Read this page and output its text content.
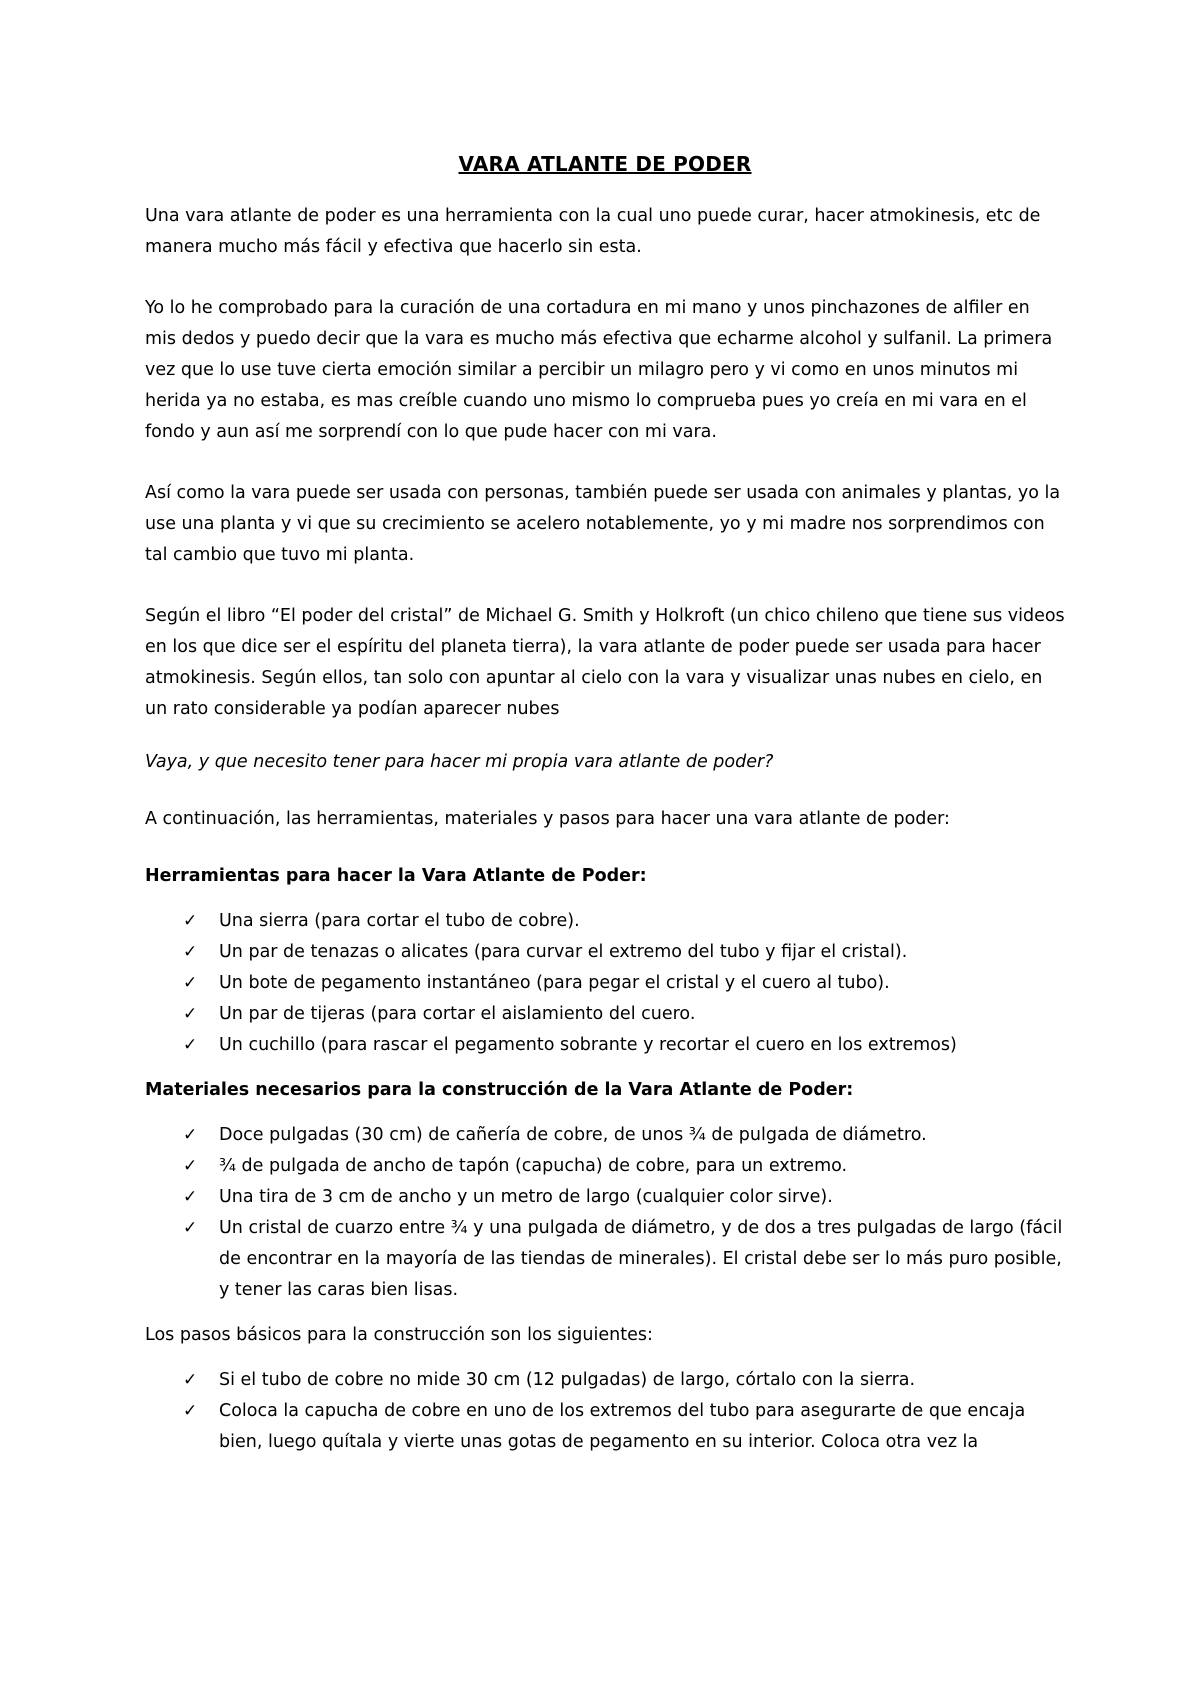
VARA ATLANTE DE PODER

Una vara atlante de poder es una herramienta con la cual uno puede curar, hacer atmokinesis, etc de manera mucho más fácil y efectiva que hacerlo sin esta.

Yo lo he comprobado para la curación de una cortadura en mi mano y unos pinchazones de alfiler en mis dedos y puedo decir que la vara es mucho más efectiva que echarme alcohol y sulfanil. La primera vez que lo use tuve cierta emoción similar a percibir un milagro pero y vi como en unos minutos mi herida ya no estaba, es mas creíble cuando uno mismo lo comprueba pues yo creía en mi vara en el fondo y aun así me sorprendí con lo que pude hacer con mi vara.

Así como la vara puede ser usada con personas, también puede ser usada con animales y plantas, yo la use una planta y vi que su crecimiento se acelero notablemente, yo y mi madre nos sorprendimos con tal cambio que tuvo mi planta.

Según el libro “El poder del cristal” de Michael G. Smith y Holkroft (un chico chileno que tiene sus videos en los que dice ser el espíritu del planeta tierra), la vara atlante de poder puede ser usada para hacer atmokinesis. Según ellos, tan solo con apuntar al cielo con la vara y visualizar unas nubes en cielo, en un rato considerable ya podían aparecer nubes

Vaya, y que necesito tener para hacer mi propia vara atlante de poder?

A continuación, las herramientas, materiales y pasos para hacer una vara atlante de poder:

Herramientas para hacer la Vara Atlante de Poder:

✓	Una sierra (para cortar el tubo de cobre).
✓	Un par de tenazas o alicates (para curvar el extremo del tubo y fijar el cristal).
✓	Un bote de pegamento instantáneo (para pegar el cristal y el cuero al tubo).
✓	Un par de tijeras (para cortar el aislamiento del cuero.
✓	Un cuchillo (para rascar el pegamento sobrante y recortar el cuero en los extremos)

Materiales necesarios para la construcción de la Vara Atlante de Poder:

✓	Doce pulgadas (30 cm) de cañería de cobre, de unos ¾ de pulgada de diámetro.
✓	¾ de pulgada de ancho de tapón (capucha) de cobre, para un extremo.
✓	Una tira de 3 cm de ancho y un metro de largo (cualquier color sirve).
✓	Un cristal de cuarzo entre ¾ y una pulgada de diámetro, y de dos a tres pulgadas de largo (fácil de encontrar en la mayoría de las tiendas de minerales). El cristal debe ser lo más puro posible, y tener las caras bien lisas.

Los pasos básicos para la construcción son los siguientes:

✓	Si el tubo de cobre no mide 30 cm (12 pulgadas) de largo, córtalo con la sierra.
✓	Coloca la capucha de cobre en uno de los extremos del tubo para asegurarte de que encaja bien, luego quítala y vierte unas gotas de pegamento en su interior. Coloca otra vez la
